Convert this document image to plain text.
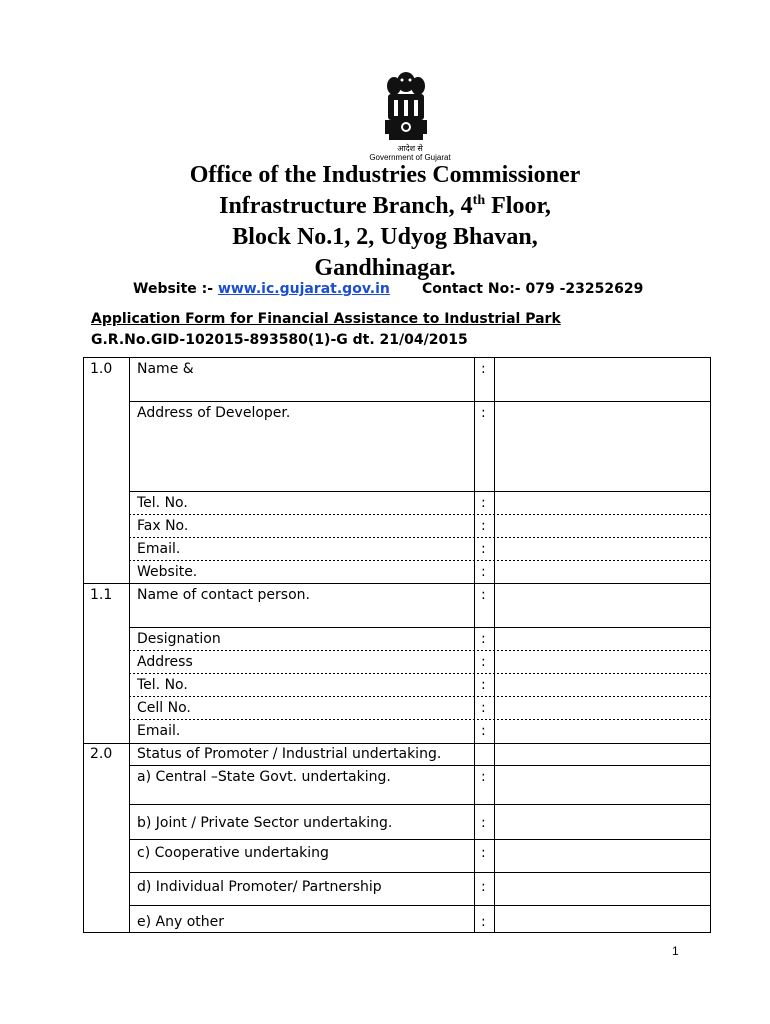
आदेश से
Government of Gujarat
Office of the Industries Commissioner
Infrastructure Branch, 4th Floor,
Block No.1, 2, Udyog Bhavan,
Gandhinagar.
Website :- www.ic.gujarat.gov.in Contact No:- 079 -23252629
Application Form for Financial Assistance to Industrial Park
G.R.No.GID-102015-893580(1)-G dt. 21/04/2015
1.0 Name &	:
Address of Developer.	:
Tel. No.	:
Fax No.	:
Email.	:
Website.	:
1.1 Name of contact person.	:
Designation	:
Address	:
Tel. No.	:
Cell No.	:
Email.	:
2.0 Status of Promoter / Industrial undertaking.
a) Central –State Govt. undertaking.	:
b) Joint / Private Sector undertaking.	:
c) Cooperative undertaking	:
d) Individual Promoter/ Partnership	:
e) Any other	:
1
